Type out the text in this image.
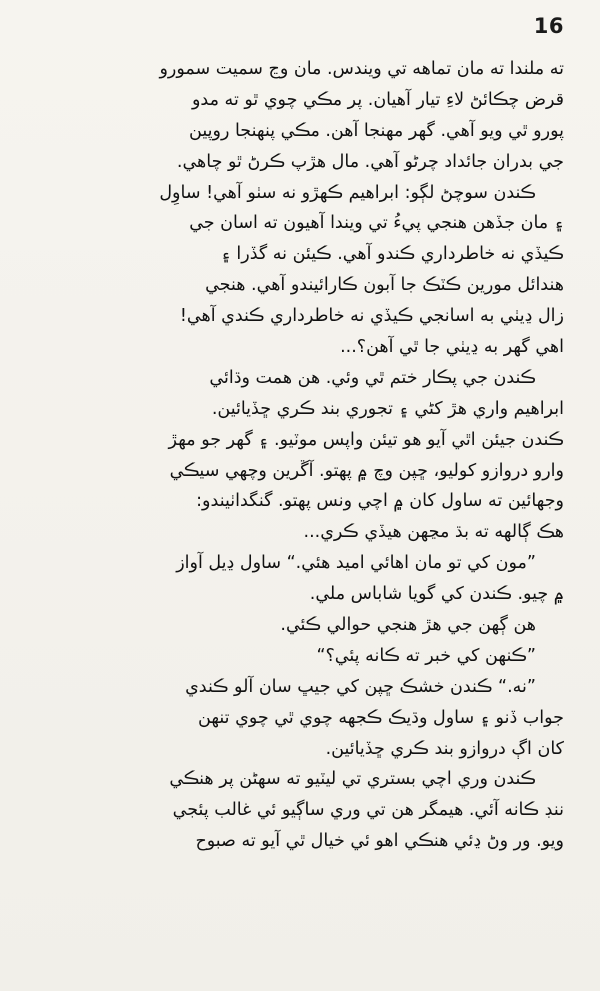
16
ته ملندا ته مان تماهه تي ويندس. مان وڃ سميت سمورو
قرض چڪائڻ لاءِ تيار آهيان. پر مڪي چوي ٿو ته مدو
پورو ٿي ويو آهي. گهر مهنجا آهن. مڪي پنهنجا روپين
جي بدران جائداد چرڻو آهي. مال هڙپ ڪرڻ ٿو چاهي.
ڪندن سوچڻ لڳو: ابراهيم ڪهڙو نه سٺو آهي! ساوِل
۽ مان جڏهن هنجي پيءُ تي ويندا آهيون ته اسان جي
ڪيڏي نه خاطرداري ڪندو آهي. ڪيئن نه گڏرا ۽
هندائل مورين ڪٽڪ جا آبون ڪارائيندو آهي. هنجي
زال ڍيٺي به اسانجي ڪيڏي نه خاطرداري ڪندي آهي!
اهي گهر به ڍيٺي جا ٿي آهن؟...
ڪندن جي پڪار ختم ٿي وئي. هن همت وڌائي
ابراهيم واري هڙ کڻي ۽ تجوري بند ڪري ڇڏيائين.
ڪندن جيئن اٿي آيو هو تيئن واپس موٽيو. ۽ گهر جو مهڙ
وارو دروازو کوليو، ڇپن وچ ۾ پهتو. آڱرين وچهي سيڪي
وجهائين ته ساول کان ۾ اچي ونس پهتو. گنگداٺيندو:
هڪ ڳالهه ته بڌ مڃهن هيڏي ڪري...
”مون کي تو مان اهائي اميد هئي.“ ساول ڍيل آواز
۾ چيو. ڪندن کي گويا شاباس ملي.
هن ڳهن جي هڙ هنجي حوالي ڪئي.
”ڪنهن کي خبر ته ڪانه پئي؟“
”نه.“ ڪندن خشڪ ڇپن کي جيڀ سان آلو ڪندي
جواب ڏنو ۽ ساول وڌيڪ ڪجهه چوي ٿي چوي تنهن
کان اڳ دروازو بند ڪري ڇڏيائين.
ڪندن وري اچي بستري تي ليٽيو ته سهڻن پر هنڪي
ننڊ ڪانه آئي. هيمگر هن تي وري ساڳيو ئي غالب پئجي
ويو. ور وڻ ڍئي هنڪي اهو ئي خيال ٿي آيو ته صبوح
